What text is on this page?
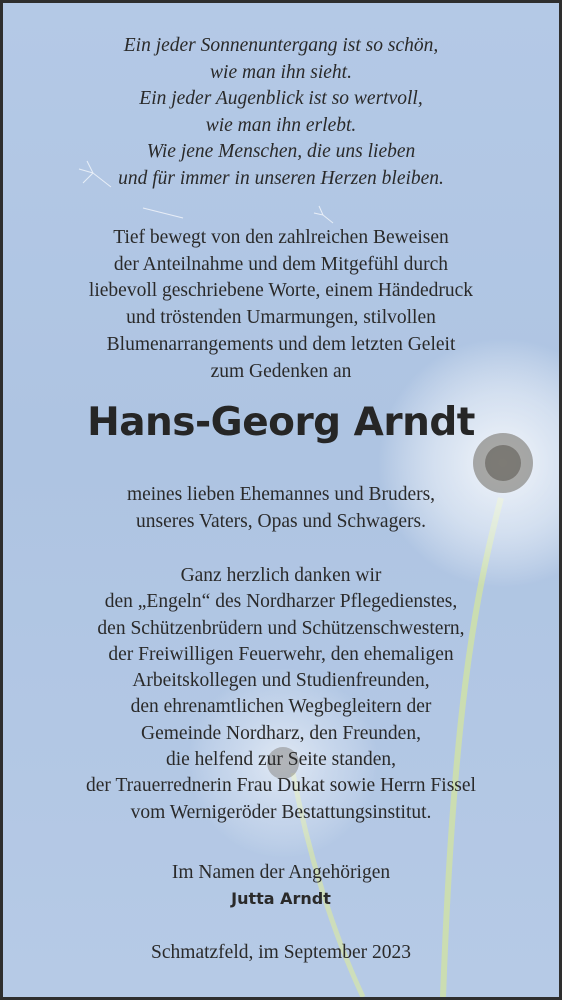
Ein jeder Sonnenuntergang ist so schön,
wie man ihn sieht.
Ein jeder Augenblick ist so wertvoll,
wie man ihn erlebt.
Wie jene Menschen, die uns lieben
und für immer in unseren Herzen bleiben.
Tief bewegt von den zahlreichen Beweisen
der Anteilnahme und dem Mitgefühl durch
liebevoll geschriebene Worte, einem Händedruck
und tröstenden Umarmungen, stilvollen
Blumenarrangements und dem letzten Geleit
zum Gedenken an
Hans-Georg Arndt
meines lieben Ehemannes und Bruders,
unseres Vaters, Opas und Schwagers.
Ganz herzlich danken wir
den „Engeln“ des Nordharzer Pflegedienstes,
den Schützenbrüdern und Schützenschwestern,
der Freiwilligen Feuerwehr, den ehemaligen
Arbeitskollegen und Studienfreunden,
den ehrenamtlichen Wegbegleitern der
Gemeinde Nordharz, den Freunden,
die helfend zur Seite standen,
der Trauerrednerin Frau Dukat sowie Herrn Fissel
vom Wernigeröder Bestattungsinstitut.
Im Namen der Angehörigen
Jutta Arndt
Schmatzfeld, im September 2023
